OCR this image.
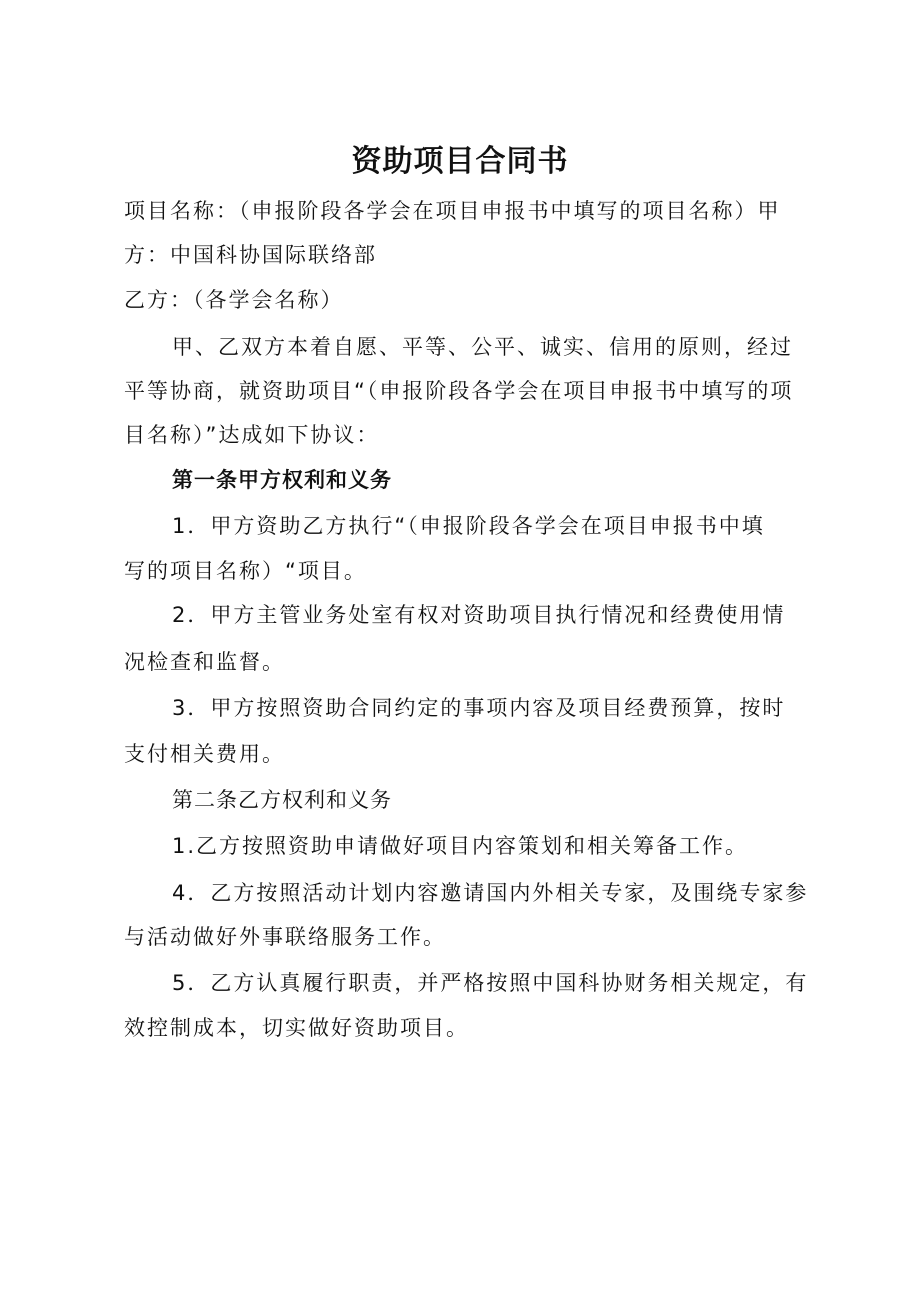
资助项目合同书
项目名称：（申报阶段各学会在项目申报书中填写的项目名称）甲
方：中国科协国际联络部
乙方：（各学会名称）
甲、乙双方本着自愿、平等、公平、诚实、信用的原则，经过
平等协商，就资助项目“（申报阶段各学会在项目申报书中填写的项
目名称）”达成如下协议：
第一条甲方权利和义务
1．甲方资助乙方执行“（申报阶段各学会在项目申报书中填
写的项目名称）“项目。
2．甲方主管业务处室有权对资助项目执行情况和经费使用情
况检查和监督。
3．甲方按照资助合同约定的事项内容及项目经费预算，按时
支付相关费用。
第二条乙方权利和义务
1.乙方按照资助申请做好项目内容策划和相关筹备工作。
4．乙方按照活动计划内容邀请国内外相关专家，及围绕专家参
与活动做好外事联络服务工作。
5．乙方认真履行职责，并严格按照中国科协财务相关规定，有
效控制成本，切实做好资助项目。
